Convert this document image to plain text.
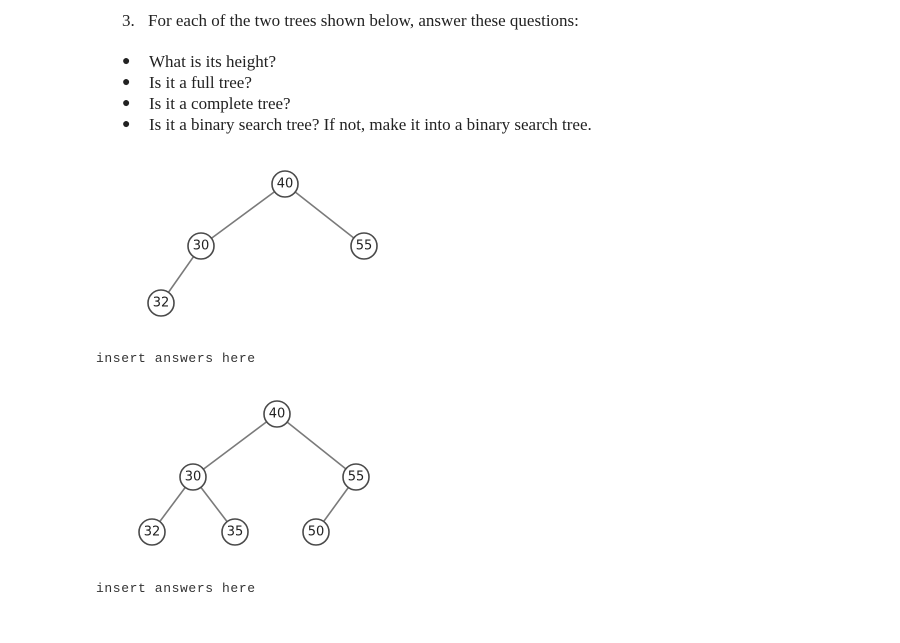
3. For each of the two trees shown below, answer these questions:
● What is its height?
● Is it a full tree?
● Is it a complete tree?
● Is it a binary search tree? If not, make it into a binary search tree.
40
30	55
32
insert answers here
40
30	55
32	35	50
insert answers here
